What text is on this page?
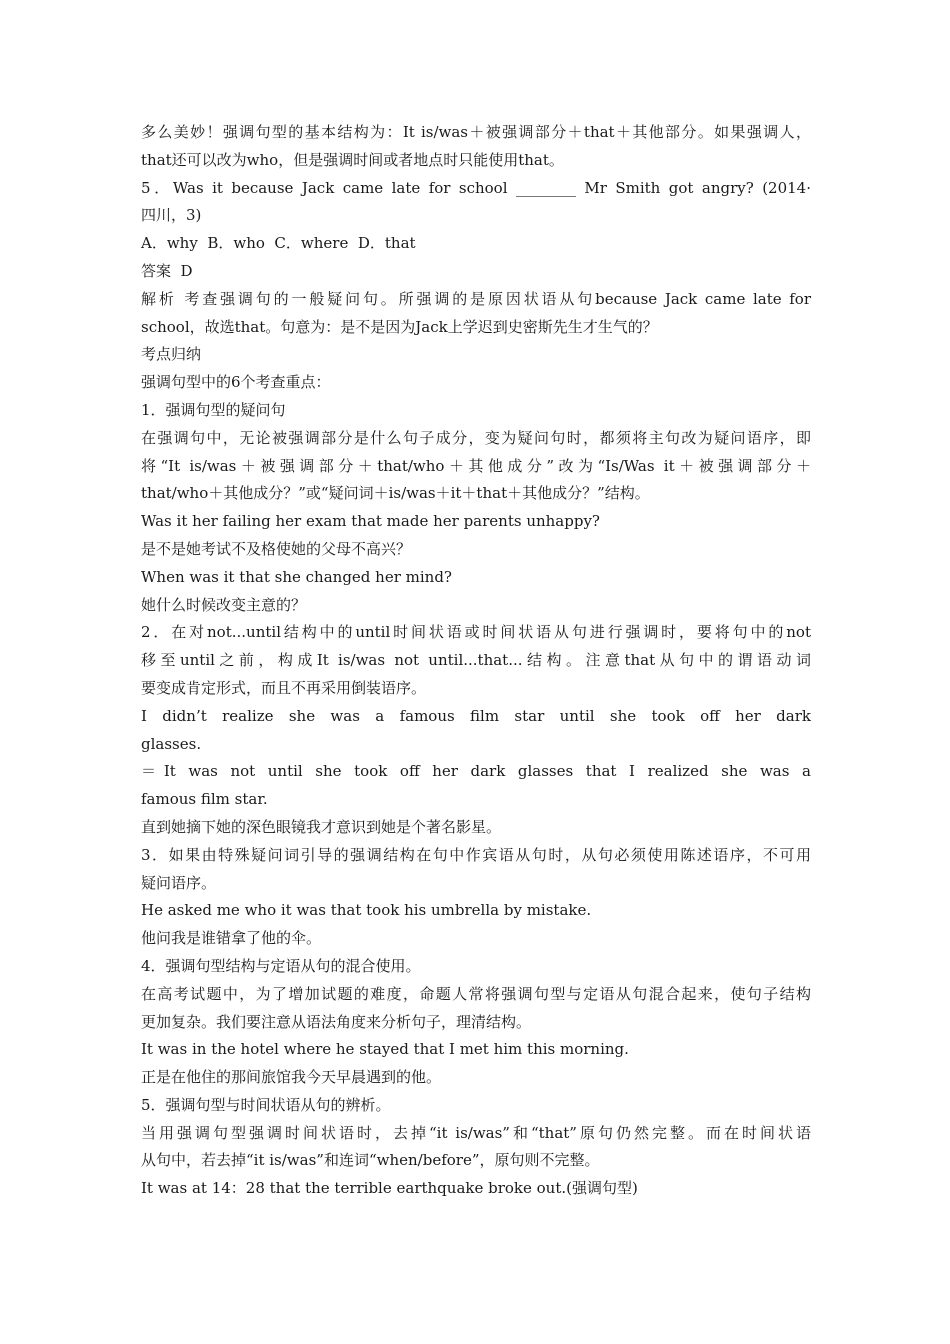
多么美妙！强调句型的基本结构为：It is/was＋被强调部分＋that＋其他部分。如果强调人，
that还可以改为who，但是强调时间或者地点时只能使用that。
5．Was it because Jack came late for school ________ Mr Smith got angry? (2014·
四川，3)
A．why  B．who  C．where  D．that
答案  D
解析 考查强调句的一般疑问句。所强调的是原因状语从句because Jack came late for
school，故选that。句意为：是不是因为Jack上学迟到史密斯先生才生气的？
考点归纳
强调句型中的6个考查重点：
1．强调句型的疑问句
在强调句中，无论被强调部分是什么句子成分，变为疑问句时，都须将主句改为疑问语序，即
将“It is/was＋被强调部分＋that/who＋其他成分”改为“Is/Was it＋被强调部分＋
that/who＋其他成分？”或“疑问词＋is/was＋it＋that＋其他成分？”结构。
Was it her failing her exam that made her parents unhappy?
是不是她考试不及格使她的父母不高兴？
When was it that she changed her mind?
她什么时候改变主意的？
2．在对not...until结构中的until时间状语或时间状语从句进行强调时，要将句中的not
移至until之前，构成It is/was not until...that...结构。注意that从句中的谓语动词
要变成肯定形式，而且不再采用倒装语序。
I didn’t realize she was a famous film star until she took off her dark
glasses.
＝It was not until she took off her dark glasses that I realized she was a
famous film star.
直到她摘下她的深色眼镜我才意识到她是个著名影星。
3．如果由特殊疑问词引导的强调结构在句中作宾语从句时，从句必须使用陈述语序，不可用
疑问语序。
He asked me who it was that took his umbrella by mistake.
他问我是谁错拿了他的伞。
4．强调句型结构与定语从句的混合使用。
在高考试题中，为了增加试题的难度，命题人常将强调句型与定语从句混合起来，使句子结构
更加复杂。我们要注意从语法角度来分析句子，理清结构。
It was in the hotel where he stayed that I met him this morning.
正是在他住的那间旅馆我今天早晨遇到的他。
5．强调句型与时间状语从句的辨析。
当用强调句型强调时间状语时，去掉“it is/was”和“that”原句仍然完整。而在时间状语
从句中，若去掉“it is/was”和连词“when/before”，原句则不完整。
It was at 14：28 that the terrible earthquake broke out.(强调句型)
